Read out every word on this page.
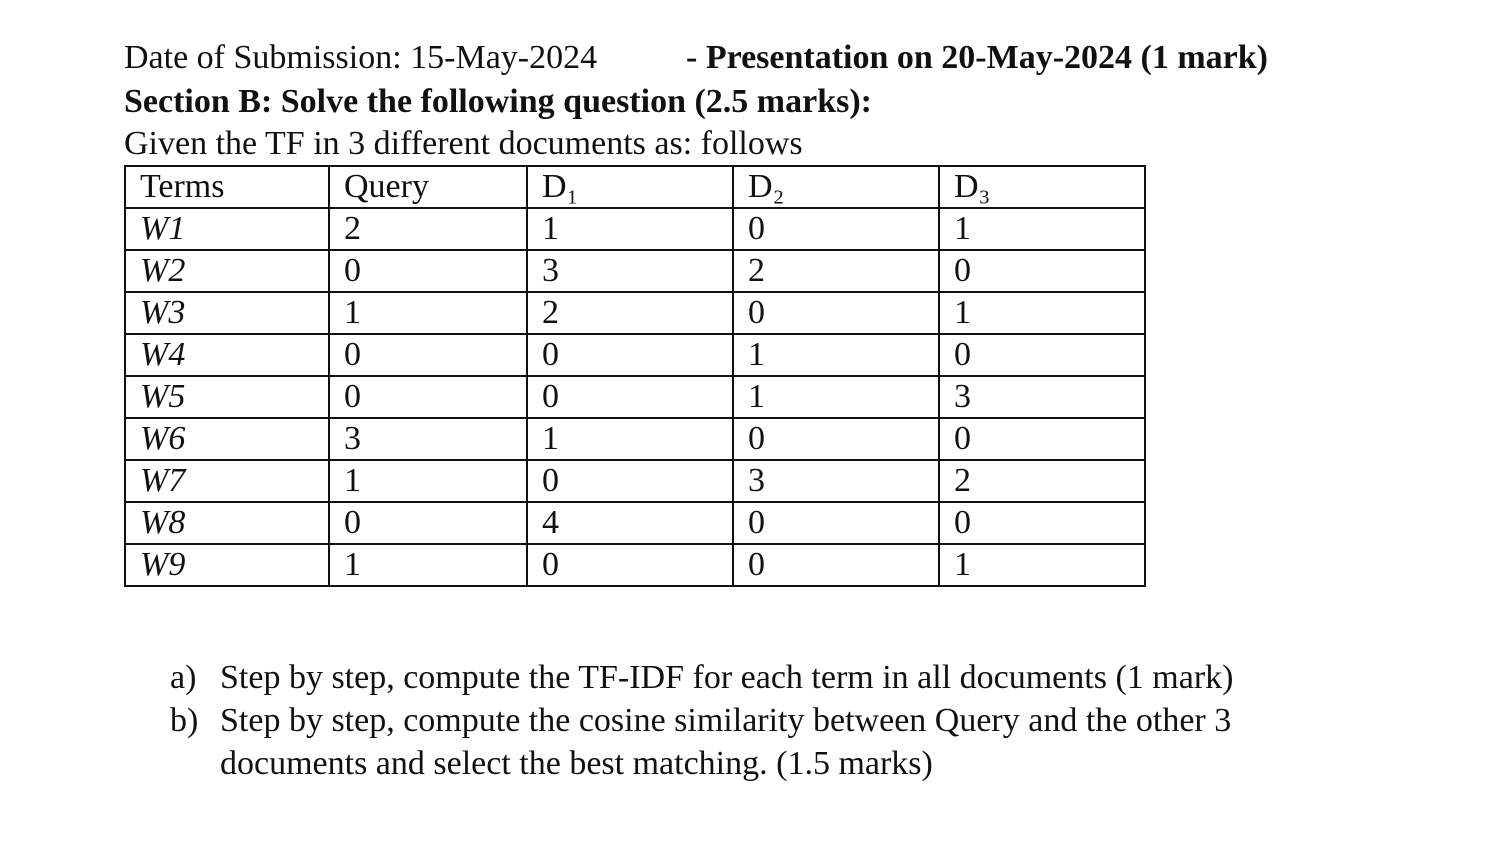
Date of Submission: 15-May-2024	- Presentation on 20-May-2024 (1 mark)
Section B: Solve the following question (2.5 marks):
Given the TF in 3 different documents as: follows
Terms	Query	D₁	D₂	D₃
W1	2	1	0	1
W2	0	3	2	0
W3	1	2	0	1
W4	0	0	1	0
W5	0	0	1	3
W6	3	1	0	0
W7	1	0	3	2
W8	0	4	0	0
W9	1	0	0	1
a) Step by step, compute the TF-IDF for each term in all documents (1 mark)
b) Step by step, compute the cosine similarity between Query and the other 3 documents and select the best matching. (1.5 marks)
